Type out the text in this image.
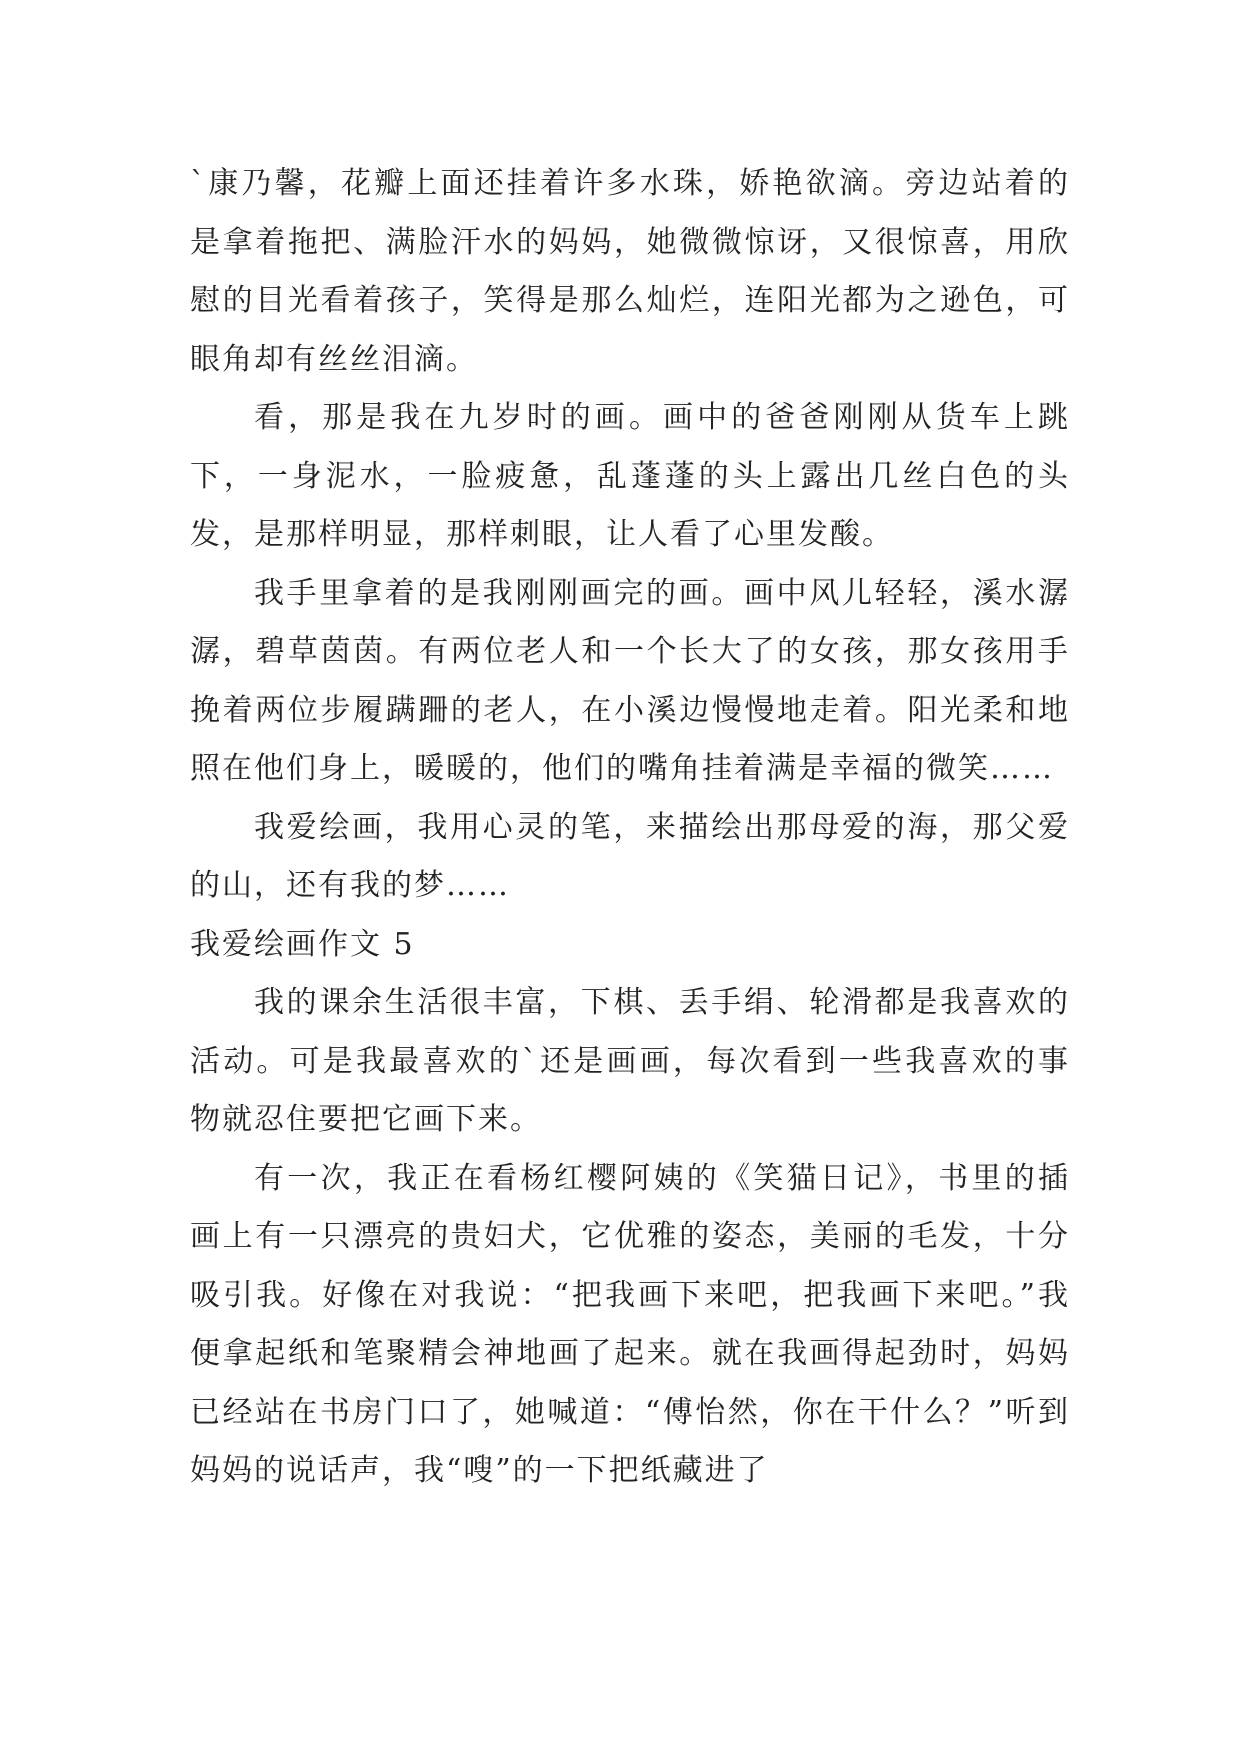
`康乃馨，花瓣上面还挂着许多水珠，娇艳欲滴。旁边站着的是拿着拖把、满脸汗水的妈妈，她微微惊讶，又很惊喜，用欣慰的目光看着孩子，笑得是那么灿烂，连阳光都为之逊色，可眼角却有丝丝泪滴。

看，那是我在九岁时的画。画中的爸爸刚刚从货车上跳下，一身泥水，一脸疲惫，乱蓬蓬的头上露出几丝白色的头发，是那样明显，那样刺眼，让人看了心里发酸。

我手里拿着的是我刚刚画完的画。画中风儿轻轻，溪水潺潺，碧草茵茵。有两位老人和一个长大了的女孩，那女孩用手挽着两位步履蹒跚的老人，在小溪边慢慢地走着。阳光柔和地照在他们身上，暖暖的，他们的嘴角挂着满是幸福的微笑……

我爱绘画，我用心灵的笔，来描绘出那母爱的海，那父爱的山，还有我的梦……

我爱绘画作文 5

我的课余生活很丰富，下棋、丢手绢、轮滑都是我喜欢的活动。可是我最喜欢的`还是画画，每次看到一些我喜欢的事物就忍住要把它画下来。

有一次，我正在看杨红樱阿姨的《笑猫日记》，书里的插画上有一只漂亮的贵妇犬，它优雅的姿态，美丽的毛发，十分吸引我。好像在对我说：“把我画下来吧，把我画下来吧。”我便拿起纸和笔聚精会神地画了起来。就在我画得起劲时，妈妈已经站在书房门口了，她喊道：“傅怡然，你在干什么？”听到妈妈的说话声，我“嗖”的一下把纸藏进了
